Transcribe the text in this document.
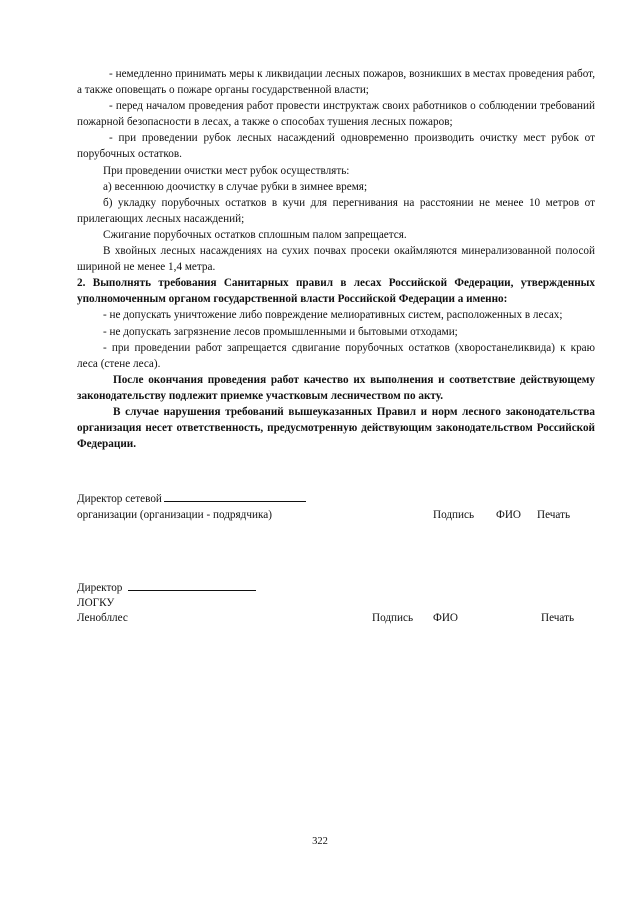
- немедленно принимать меры к ликвидации лесных пожаров, возникших в местах проведения работ, а также оповещать о пожаре органы государственной власти;

- перед началом проведения работ провести инструктаж своих работников о соблюдении требований пожарной безопасности в лесах, а также о способах тушения лесных пожаров;

- при проведении рубок лесных насаждений одновременно производить очистку мест рубок от порубочных остатков.

При проведении очистки мест рубок осуществлять:

а) весеннюю доочистку в случае рубки в зимнее время;

б) укладку порубочных остатков в кучи для перегнивания на расстоянии не менее 10 метров от прилегающих лесных насаждений;

Сжигание порубочных остатков сплошным палом запрещается.

В хвойных лесных насаждениях на сухих почвах просеки окаймляются минерализованной полосой шириной не менее 1,4 метра.

2. Выполнять требования Санитарных правил в лесах Российской Федерации, утвержденных уполномоченным органом государственной власти Российской Федерации а именно:

- не допускать уничтожение либо повреждение мелиоративных систем, расположенных в лесах;

- не допускать загрязнение лесов промышленными и бытовыми отходами;

- при проведении работ запрещается сдвигание порубочных остатков (хворостанеликвида) к краю леса (стене леса).

После окончания проведения работ качество их выполнения и соответствие действующему законодательству подлежит приемке участковым лесничеством по акту.

В случае нарушения требований вышеуказанных Правил и норм лесного законодательства организация несет ответственность, предусмотренную действующим законодательством Российской Федерации.

Директор сетевой
организации (организации - подрядчика)	Подпись ФИО Печать
Директор
ЛОГКУ
Ленобллес	Подпись ФИО	Печать
322
